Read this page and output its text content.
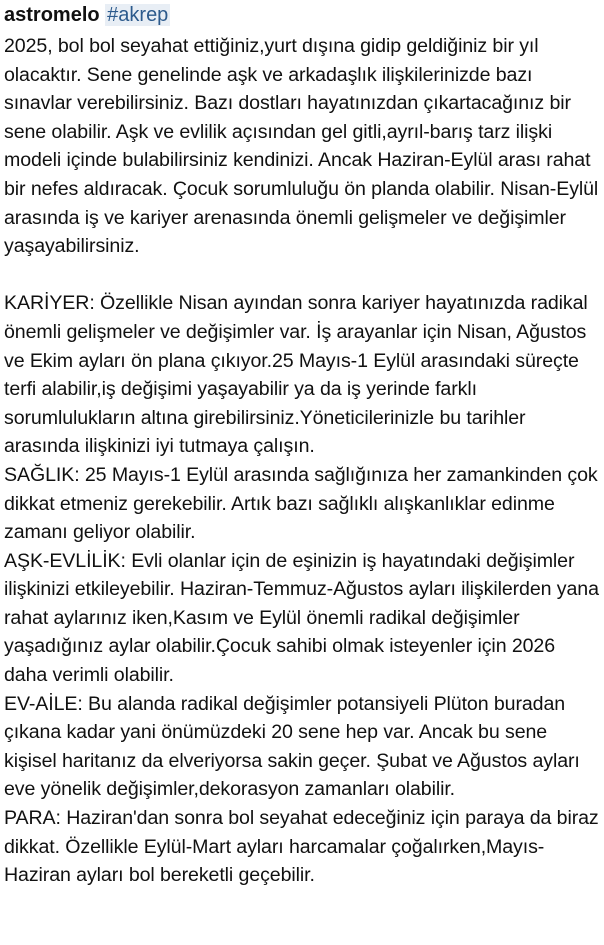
astromelo #akrep

2025, bol bol seyahat ettiğiniz,yurt dışına gidip geldiğiniz bir yıl olacaktır. Sene genelinde aşk ve arkadaşlık ilişkilerinizde bazı sınavlar verebilirsiniz. Bazı dostları hayatınızdan çıkartacağınız bir sene olabilir. Aşk ve evlilik açısından gel gitli,ayrıl-barış tarz ilişki modeli içinde bulabilirsiniz kendinizi. Ancak Haziran-Eylül arası rahat bir nefes aldıracak. Çocuk sorumluluğu ön planda olabilir. Nisan-Eylül arasında iş ve kariyer arenasında önemli gelişmeler ve değişimler yaşayabilirsiniz.

KARİYER: Özellikle Nisan ayından sonra kariyer hayatınızda radikal önemli gelişmeler ve değişimler var. İş arayanlar için Nisan, Ağustos ve Ekim ayları ön plana çıkıyor.25 Mayıs-1 Eylül arasındaki süreçte terfi alabilir,iş değişimi yaşayabilir ya da iş yerinde farklı sorumlulukların altına girebilirsiniz.Yöneticilerinizle bu tarihler arasında ilişkinizi iyi tutmaya çalışın.

SAĞLIK: 25 Mayıs-1 Eylül arasında sağlığınıza her zamankinden çok dikkat etmeniz gerekebilir. Artık bazı sağlıklı alışkanlıklar edinme zamanı geliyor olabilir.

AŞK-EVLİLİK: Evli olanlar için de eşinizin iş hayatındaki değişimler ilişkinizi etkileyebilir. Haziran-Temmuz-Ağustos ayları ilişkilerden yana rahat aylarınız iken,Kasım ve Eylül önemli radikal değişimler yaşadığınız aylar olabilir.Çocuk sahibi olmak isteyenler için 2026 daha verimli olabilir.

EV-AİLE: Bu alanda radikal değişimler potansiyeli Plüton buradan çıkana kadar yani önümüzdeki 20 sene hep var. Ancak bu sene kişisel haritanız da elveriyorsa sakin geçer. Şubat ve Ağustos ayları eve yönelik değişimler,dekorasyon zamanları olabilir.

PARA: Haziran'dan sonra bol seyahat edeceğiniz için paraya da biraz dikkat. Özellikle Eylül-Mart ayları harcamalar çoğalırken,Mayıs-Haziran ayları bol bereketli geçebilir.
